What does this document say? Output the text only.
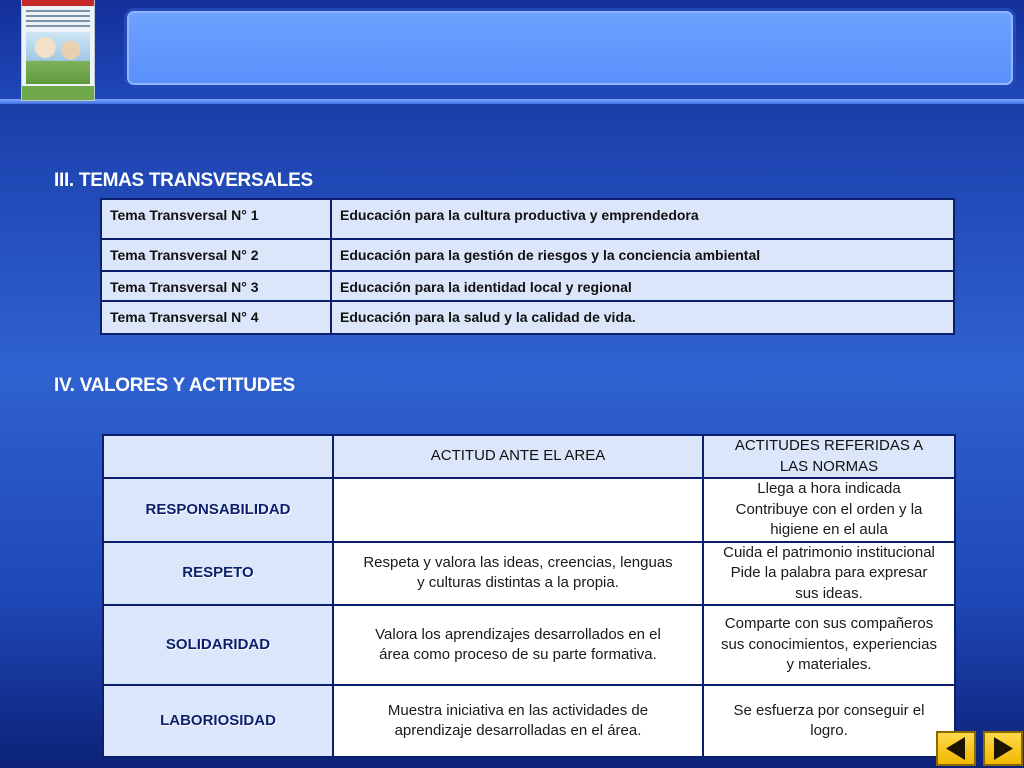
III. TEMAS TRANSVERSALES
Tema Transversal N° 1	Educación para la cultura productiva y emprendedora
Tema Transversal N° 2	Educación para la gestión de riesgos y la conciencia ambiental
Tema Transversal N° 3	Educación para la identidad local y regional
Tema Transversal N° 4	Educación para la salud y la calidad de vida.
IV. VALORES Y ACTITUDES
	ACTITUD ANTE EL AREA	ACTITUDES REFERIDAS A
LAS NORMAS

RESPONSABILIDAD		Llega a hora indicada
Contribuye con el orden y la
higiene en el aula

RESPETO	Respeta y valora las ideas, creencias, lenguas
y culturas distintas a la propia.	Cuida el patrimonio institucional
Pide la palabra para expresar
sus ideas.

SOLIDARIDAD	Valora los aprendizajes desarrollados en el
área como proceso de su parte formativa.	Comparte con sus compañeros
sus conocimientos, experiencias
y materiales.

LABORIOSIDAD	Muestra iniciativa en las actividades de
aprendizaje desarrolladas en el área.	Se esfuerza por conseguir el
logro.
